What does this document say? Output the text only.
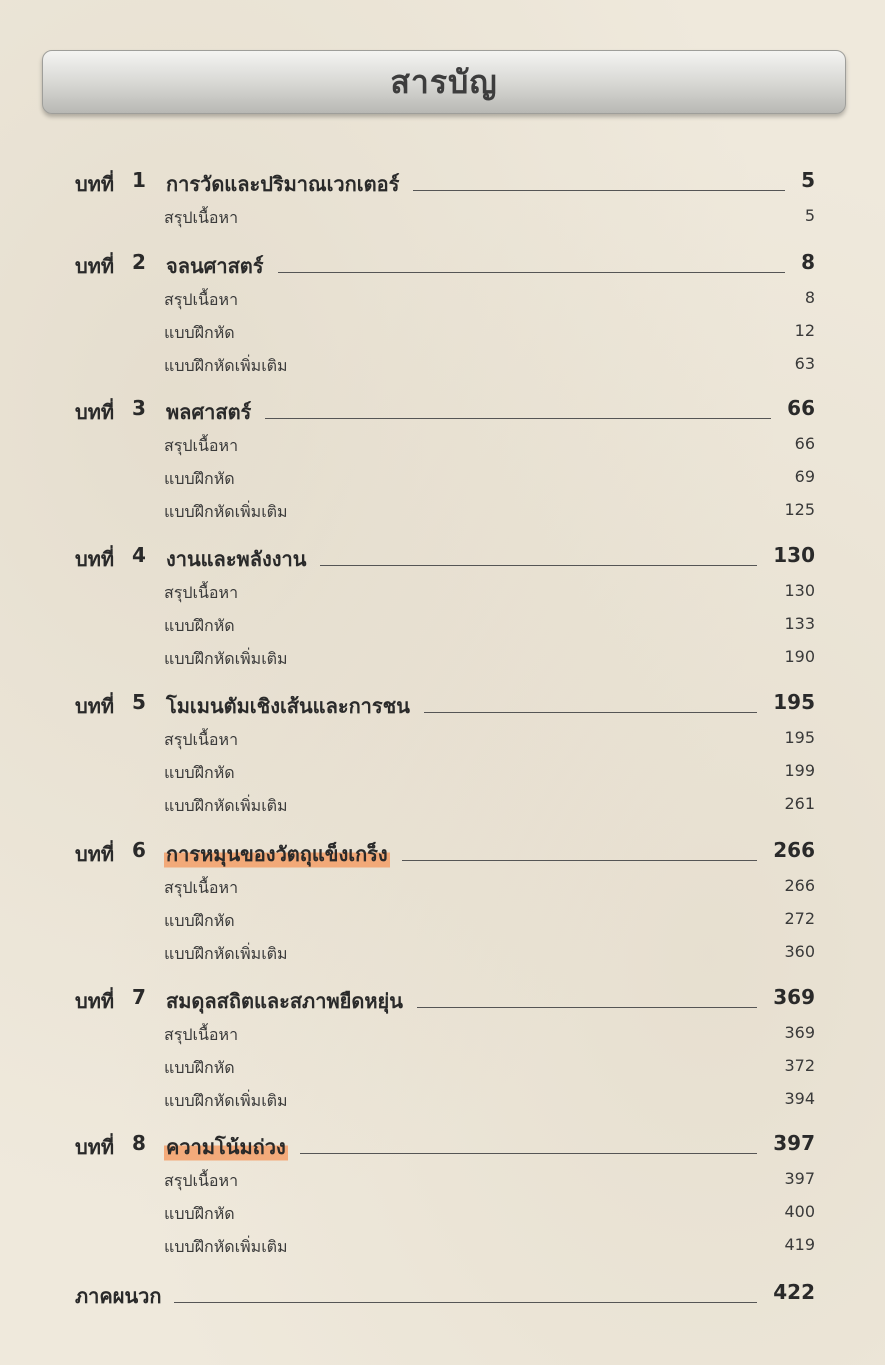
สารบัญ
บทที่ 1 การวัดและปริมาณเวกเตอร์	5
สรุปเนื้อหา	5
บทที่ 2 จลนศาสตร์	8
สรุปเนื้อหา	8
แบบฝึกหัด	12
แบบฝึกหัดเพิ่มเติม	63
บทที่ 3 พลศาสตร์	66
สรุปเนื้อหา	66
แบบฝึกหัด	69
แบบฝึกหัดเพิ่มเติม	125
บทที่ 4 งานและพลังงาน	130
สรุปเนื้อหา	130
แบบฝึกหัด	133
แบบฝึกหัดเพิ่มเติม	190
บทที่ 5 โมเมนตัมเชิงเส้นและการชน	195
สรุปเนื้อหา	195
แบบฝึกหัด	199
แบบฝึกหัดเพิ่มเติม	261
บทที่ 6 การหมุนของวัตถุแข็งเกร็ง	266
สรุปเนื้อหา	266
แบบฝึกหัด	272
แบบฝึกหัดเพิ่มเติม	360
บทที่ 7 สมดุลสถิตและสภาพยืดหยุ่น	369
สรุปเนื้อหา	369
แบบฝึกหัด	372
แบบฝึกหัดเพิ่มเติม	394
บทที่ 8 ความโน้มถ่วง	397
สรุปเนื้อหา	397
แบบฝึกหัด	400
แบบฝึกหัดเพิ่มเติม	419
ภาคผนวก	422
